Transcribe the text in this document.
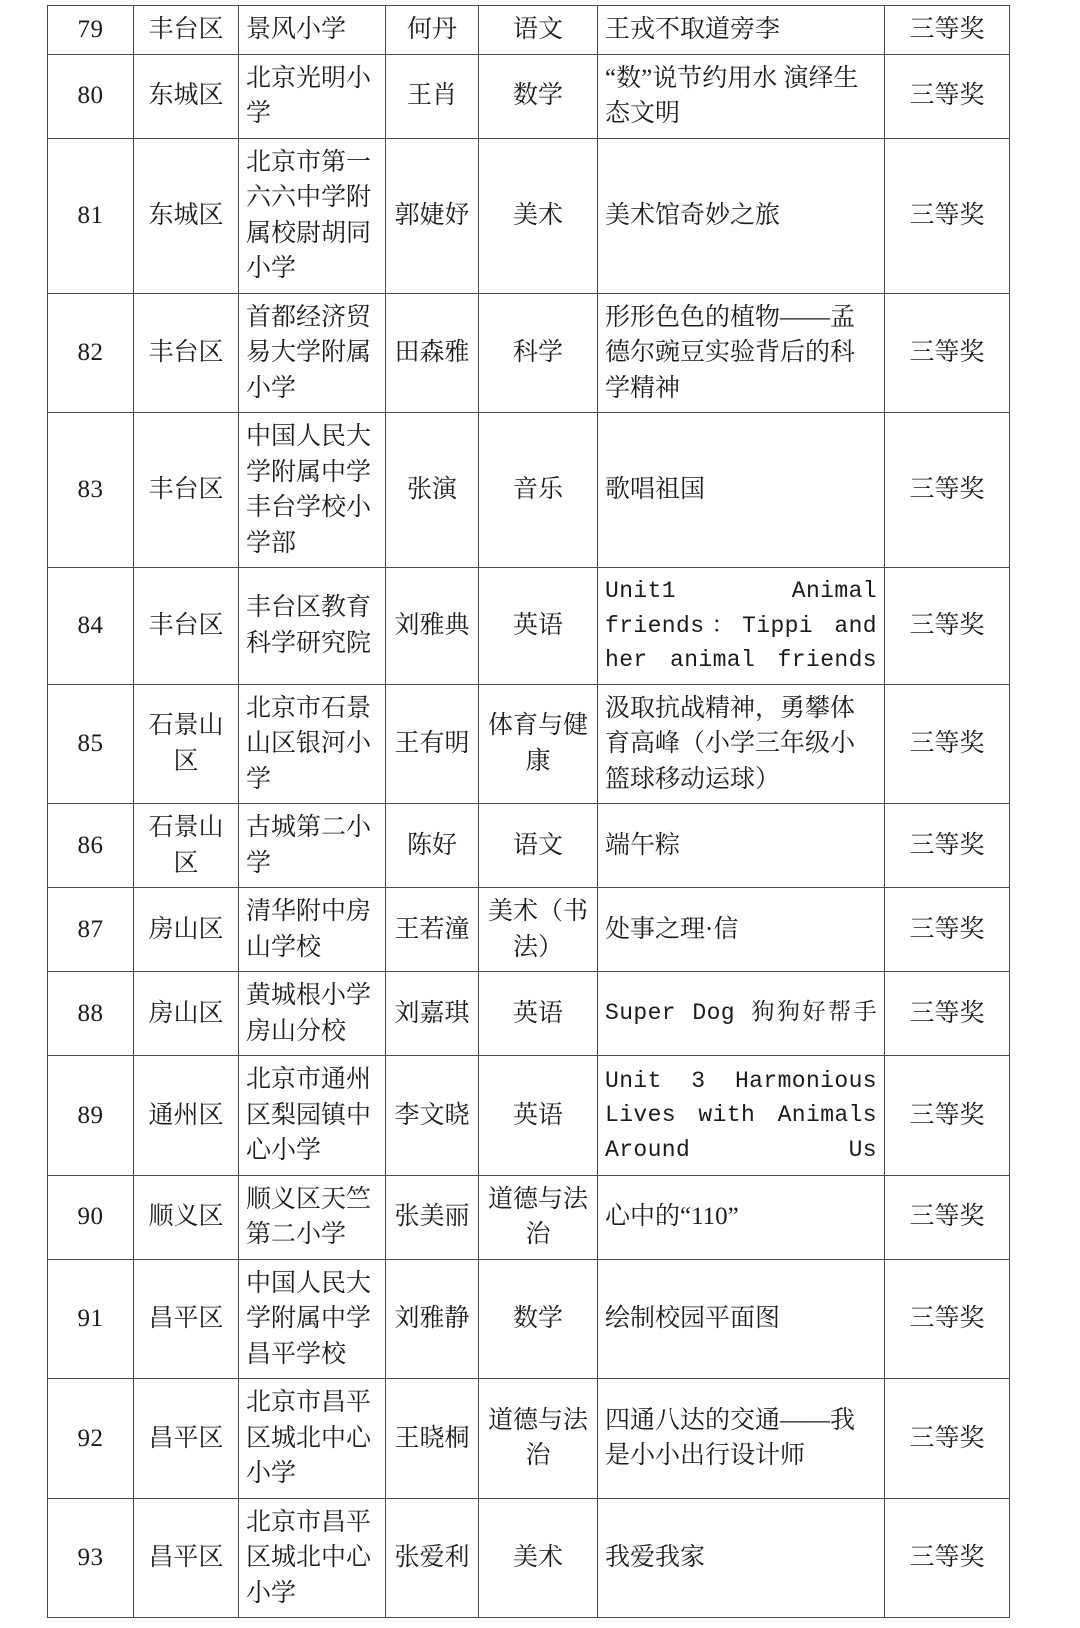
79	丰台区	景风小学	何丹	语文	王戎不取道旁李	三等奖
80	东城区	北京光明小学	王肖	数学	“数”说节约用水 演绎生态文明	三等奖
81	东城区	北京市第一六六中学附属校尉胡同小学	郭婕妤	美术	美术馆奇妙之旅	三等奖
82	丰台区	首都经济贸易大学附属小学	田森雅	科学	形形色色的植物——孟德尔豌豆实验背后的科学精神	三等奖
83	丰台区	中国人民大学附属中学丰台学校小学部	张演	音乐	歌唱祖国	三等奖
84	丰台区	丰台区教育科学研究院	刘雅典	英语	Unit1 Animal friends：Tippi and her animal friends	三等奖
85	石景山区	北京市石景山区银河小学	王有明	体育与健康	汲取抗战精神，勇攀体育高峰（小学三年级小篮球移动运球）	三等奖
86	石景山区	古城第二小学	陈好	语文	端午粽	三等奖
87	房山区	清华附中房山学校	王若潼	美术（书法）	处事之理·信	三等奖
88	房山区	黄城根小学房山分校	刘嘉琪	英语	Super Dog 狗狗好帮手	三等奖
89	通州区	北京市通州区梨园镇中心小学	李文晓	英语	Unit 3 Harmonious Lives with Animals Around Us	三等奖
90	顺义区	顺义区天竺第二小学	张美丽	道德与法治	心中的“110”	三等奖
91	昌平区	中国人民大学附属中学昌平学校	刘雅静	数学	绘制校园平面图	三等奖
92	昌平区	北京市昌平区城北中心小学	王晓桐	道德与法治	四通八达的交通——我是小小出行设计师	三等奖
93	昌平区	北京市昌平区城北中心小学	张爱利	美术	我爱我家	三等奖
